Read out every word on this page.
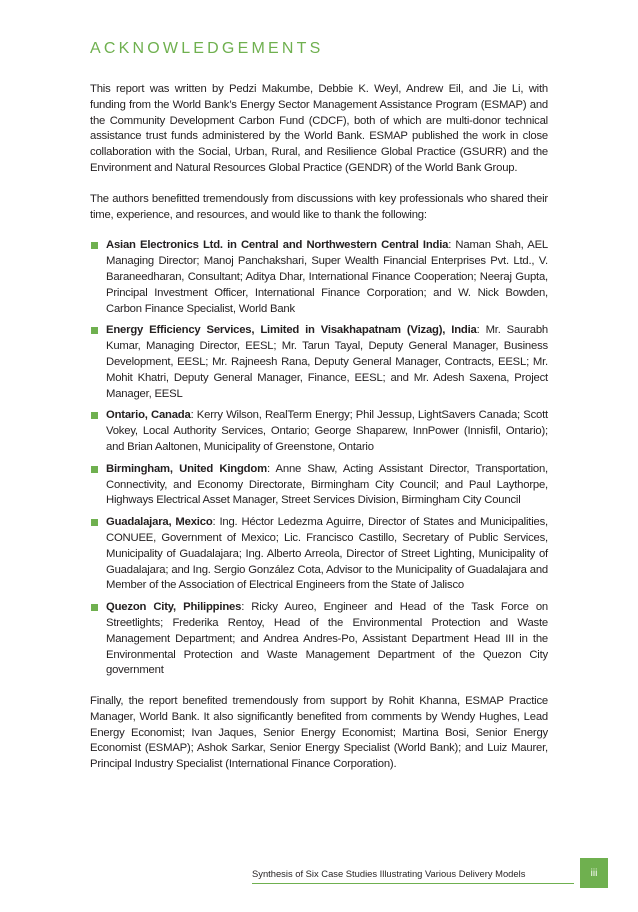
ACKNOWLEDGEMENTS

This report was written by Pedzi Makumbe, Debbie K. Weyl, Andrew Eil, and Jie Li, with funding from the World Bank’s Energy Sector Management Assistance Program (ESMAP) and the Community Development Carbon Fund (CDCF), both of which are multi-donor technical assistance trust funds administered by the World Bank. ESMAP published the work in close collaboration with the Social, Urban, Rural, and Resilience Global Practice (GSURR) and the Environment and Natural Resources Global Practice (GENDR) of the World Bank Group.

The authors benefitted tremendously from discussions with key professionals who shared their time, experience, and resources, and would like to thank the following:

Asian Electronics Ltd. in Central and Northwestern Central India: Naman Shah, AEL Managing Director; Manoj Panchakshari, Super Wealth Financial Enterprises Pvt. Ltd., V. Baraneedharan, Consultant; Aditya Dhar, International Finance Cooperation; Neeraj Gupta, Principal Investment Officer, International Finance Corporation; and W. Nick Bowden, Carbon Finance Specialist, World Bank
Energy Efficiency Services, Limited in Visakhapatnam (Vizag), India: Mr. Saurabh Kumar, Managing Director, EESL; Mr. Tarun Tayal, Deputy General Manager, Business Development, EESL; Mr. Rajneesh Rana, Deputy General Manager, Contracts, EESL; Mr. Mohit Khatri, Deputy General Manager, Finance, EESL; and Mr. Adesh Saxena, Project Manager, EESL
Ontario, Canada: Kerry Wilson, RealTerm Energy; Phil Jessup, LightSavers Canada; Scott Vokey, Local Authority Services, Ontario; George Shaparew, InnPower (Innisfil, Ontario); and Brian Aaltonen, Municipality of Greenstone, Ontario
Birmingham, United Kingdom: Anne Shaw, Acting Assistant Director, Transportation, Connectivity, and Economy Directorate, Birmingham City Council; and Paul Laythorpe, Highways Electrical Asset Manager, Street Services Division, Birmingham City Council
Guadalajara, Mexico: Ing. Héctor Ledezma Aguirre, Director of States and Municipalities, CONUEE, Government of Mexico; Lic. Francisco Castillo, Secretary of Public Services, Municipality of Guadalajara; Ing. Alberto Arreola, Director of Street Lighting, Municipality of Guadalajara; and Ing. Sergio González Cota, Advisor to the Municipality of Guadalajara and Member of the Association of Electrical Engineers from the State of Jalisco
Quezon City, Philippines: Ricky Aureo, Engineer and Head of the Task Force on Streetlights; Frederika Rentoy, Head of the Environmental Protection and Waste Management Department; and Andrea Andres-Po, Assistant Department Head III in the Environmental Protection and Waste Management Department of the Quezon City government

Finally, the report benefited tremendously from support by Rohit Khanna, ESMAP Practice Manager, World Bank. It also significantly benefited from comments by Wendy Hughes, Lead Energy Economist; Ivan Jaques, Senior Energy Economist; Martina Bosi, Senior Energy Economist (ESMAP); Ashok Sarkar, Senior Energy Specialist (World Bank); and Luiz Maurer, Principal Industry Specialist (International Finance Corporation).

Synthesis of Six Case Studies Illustrating Various Delivery Models	iii
